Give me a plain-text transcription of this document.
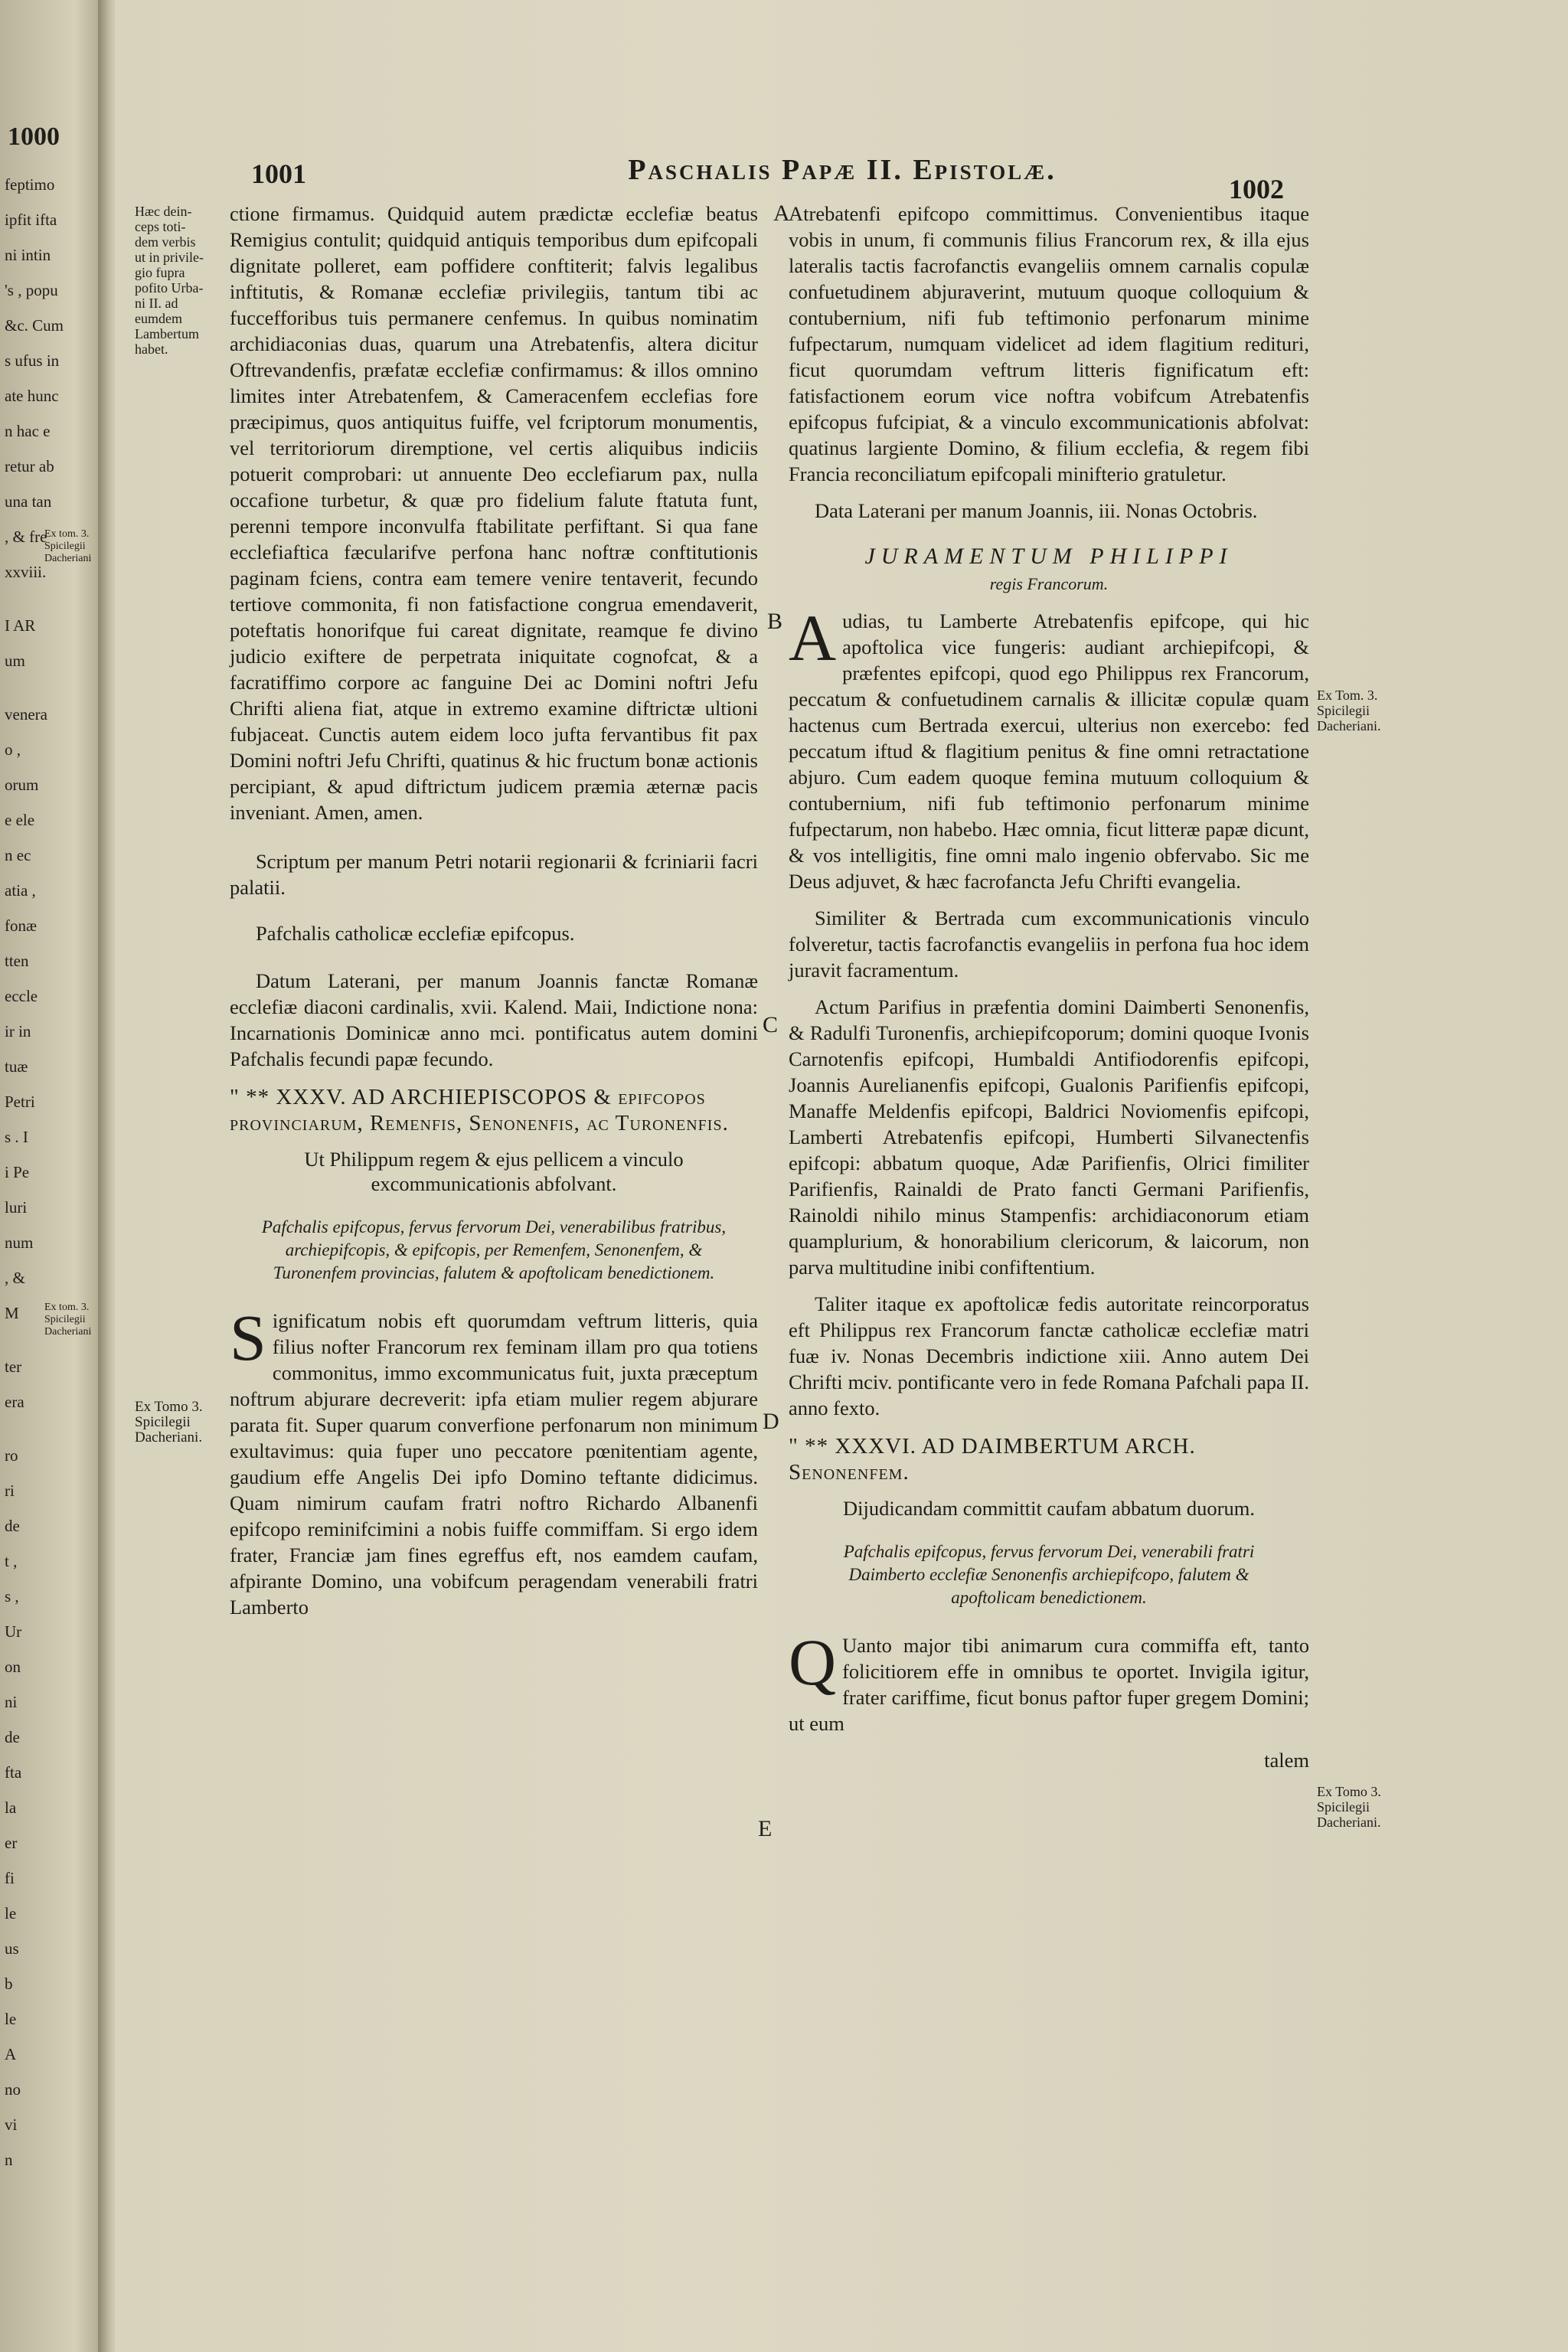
1000
feptimo
ipfit ifta
ni intin
's , popu
&c. Cum
s ufus in
ate hunc
n hac e
retur ab
una tan
, & fre
xxviii.
I AR
um
venera
o ,
orum
e ele
n ec
atia ,
fonæ
tten
eccle
ir in
tuæ
Petri
s . I
i Pe
luri
num
, &
M
ter
era
ro
ri
de
t ,
s ,
Ur
on
ni
de
fta
la
er
fi
le
us
b
le
A
no
vi
n
Ex tom. 3.
Spicilegii
Dacheriani
Ex tom. 3.
Spicilegii
Dacheriani
1001	Paschalis Papæ II. Epistolæ.
1002
Hæc dein-
ceps toti-
dem verbis
ut in privile-
gio fupra
pofito Urba-
ni II. ad
eumdem
Lambertum
habet.
Ex Tomo 3.
Spicilegii
Dacheriani.
Ex Tom. 3.
Spicilegii
Dacheriani.
Ex Tomo 3.
Spicilegii
Dacheriani.
A
B
C
D
E

ctione firmamus. Quidquid autem prædictæ ecclefiæ beatus Remigius contulit; quidquid antiquis temporibus dum epifcopali dignitate polleret, eam poffidere conftiterit; falvis legalibus inftitutis, & Romanæ ecclefiæ privilegiis, tantum tibi ac fuccefforibus tuis permanere cenfemus. In quibus nominatim archidiaconias duas, quarum una Atrebatenfis, altera dicitur Oftrevandenfis, præfatæ ecclefiæ confirmamus: & illos omnino limites inter Atrebatenfem, & Cameracenfem ecclefias fore præcipimus, quos antiquitus fuiffe, vel fcriptorum monumentis, vel territoriorum diremptione, vel certis aliquibus indiciis potuerit comprobari: ut annuente Deo ecclefiarum pax, nulla occafione turbetur, & quæ pro fidelium falute ftatuta funt, perenni tempore inconvulfa ftabilitate perfiftant. Si qua fane ecclefiaftica fæcularifve perfona hanc noftræ conftitutionis paginam fciens, contra eam temere venire tentaverit, fecundo tertiove commonita, fi non fatisfactione congrua emendaverit, poteftatis honorifque fui careat dignitate, reamque fe divino judicio exiftere de perpetrata iniquitate cognofcat, & a facratiffimo corpore ac fanguine Dei ac Domini noftri Jefu Chrifti aliena fiat, atque in extremo examine diftrictæ ultioni fubjaceat. Cunctis autem eidem loco jufta fervantibus fit pax Domini noftri Jefu Chrifti, quatinus & hic fructum bonæ actionis percipiant, & apud diftrictum judicem præmia æternæ pacis inveniant. Amen, amen.

Scriptum per manum Petri notarii regionarii & fcriniarii facri palatii.

Pafchalis catholicæ ecclefiæ epifcopus.

Datum Laterani, per manum Joannis fanctæ Romanæ ecclefiæ diaconi cardinalis, xvii. Kalend. Maii, Indictione nona: Incarnationis Dominicæ anno mci. pontificatus autem domini Pafchalis fecundi papæ fecundo.

" ** XXXV. AD ARCHIEPISCOPOS & epifcopos provinciarum, Remenfis, Senonenfis, ac Turonenfis.

Ut Philippum regem & ejus pellicem a vinculo excommunicationis abfolvant.

Pafchalis epifcopus, fervus fervorum Dei, venerabilibus fratribus, archiepifcopis, & epifcopis, per Remenfem, Senonenfem, & Turonenfem provincias, falutem & apoftolicam benedictionem.

Significatum nobis eft quorumdam veftrum litteris, quia filius nofter Francorum rex feminam illam pro qua totiens commonitus, immo excommunicatus fuit, juxta præceptum noftrum abjurare decreverit: ipfa etiam mulier regem abjurare parata fit. Super quarum converfione perfonarum non minimum exultavimus: quia fuper uno peccatore pœnitentiam agente, gaudium effe Angelis Dei ipfo Domino teftante didicimus. Quam nimirum caufam fratri noftro Richardo Albanenfi epifcopo reminifcimini a nobis fuiffe commiffam. Si ergo idem frater, Franciæ jam fines egreffus eft, nos eamdem caufam, afpirante Domino, una vobifcum peragendam venerabili fratri Lamberto

Atrebatenfi epifcopo committimus. Convenientibus itaque vobis in unum, fi communis filius Francorum rex, & illa ejus lateralis tactis facrofanctis evangeliis omnem carnalis copulæ confuetudinem abjuraverint, mutuum quoque colloquium & contubernium, nifi fub teftimonio perfonarum minime fufpectarum, numquam videlicet ad idem flagitium redituri, ficut quorumdam veftrum litteris fignificatum eft: fatisfactionem eorum vice noftra vobifcum Atrebatenfis epifcopus fufcipiat, & a vinculo excommunicationis abfolvat: quatinus largiente Domino, & filium ecclefia, & regem fibi Francia reconciliatum epifcopali minifterio gratuletur.

Data Laterani per manum Joannis, iii. Nonas Octobris.

JURAMENTUM PHILIPPI
regis Francorum.

Audias, tu Lamberte Atrebatenfis epifcope, qui hic apoftolica vice fungeris: audiant archiepifcopi, & præfentes epifcopi, quod ego Philippus rex Francorum, peccatum & confuetudinem carnalis & illicitæ copulæ quam hactenus cum Bertrada exercui, ulterius non exercebo: fed peccatum iftud & flagitium penitus & fine omni retractatione abjuro. Cum eadem quoque femina mutuum colloquium & contubernium, nifi fub teftimonio perfonarum minime fufpectarum, non habebo. Hæc omnia, ficut litteræ papæ dicunt, & vos intelligitis, fine omni malo ingenio obfervabo. Sic me Deus adjuvet, & hæc facrofancta Jefu Chrifti evangelia.

Similiter & Bertrada cum excommunicationis vinculo folveretur, tactis facrofanctis evangeliis in perfona fua hoc idem juravit facramentum.

Actum Parifius in præfentia domini Daimberti Senonenfis, & Radulfi Turonenfis, archiepifcoporum; domini quoque Ivonis Carnotenfis epifcopi, Humbaldi Antifiodorenfis epifcopi, Joannis Aurelianenfis epifcopi, Gualonis Parifienfis epifcopi, Manaffe Meldenfis epifcopi, Baldrici Noviomenfis epifcopi, Lamberti Atrebatenfis epifcopi, Humberti Silvanectenfis epifcopi: abbatum quoque, Adæ Parifienfis, Olrici fimiliter Parifienfis, Rainaldi de Prato fancti Germani Parifienfis, Rainoldi nihilo minus Stampenfis: archidiaconorum etiam quamplurium, & honorabilium clericorum, & laicorum, non parva multitudine inibi confiftentium.

Taliter itaque ex apoftolicæ fedis autoritate reincorporatus eft Philippus rex Francorum fanctæ catholicæ ecclefiæ matri fuæ iv. Nonas Decembris indictione xiii. Anno autem Dei Chrifti mciv. pontificante vero in fede Romana Pafchali papa II. anno fexto.

" ** XXXVI. AD DAIMBERTUM ARCH. Senonenfem.

Dijudicandam committit caufam abbatum duorum.

Pafchalis epifcopus, fervus fervorum Dei, venerabili fratri Daimberto ecclefiæ Senonenfis archiepifcopo, falutem & apoftolicam benedictionem.

Q Uanto major tibi animarum cura commiffa eft, tanto folicitiorem effe in omnibus te oportet. Invigila igitur, frater cariffime, ficut bonus paftor fuper gregem Domini; ut eum

talem
